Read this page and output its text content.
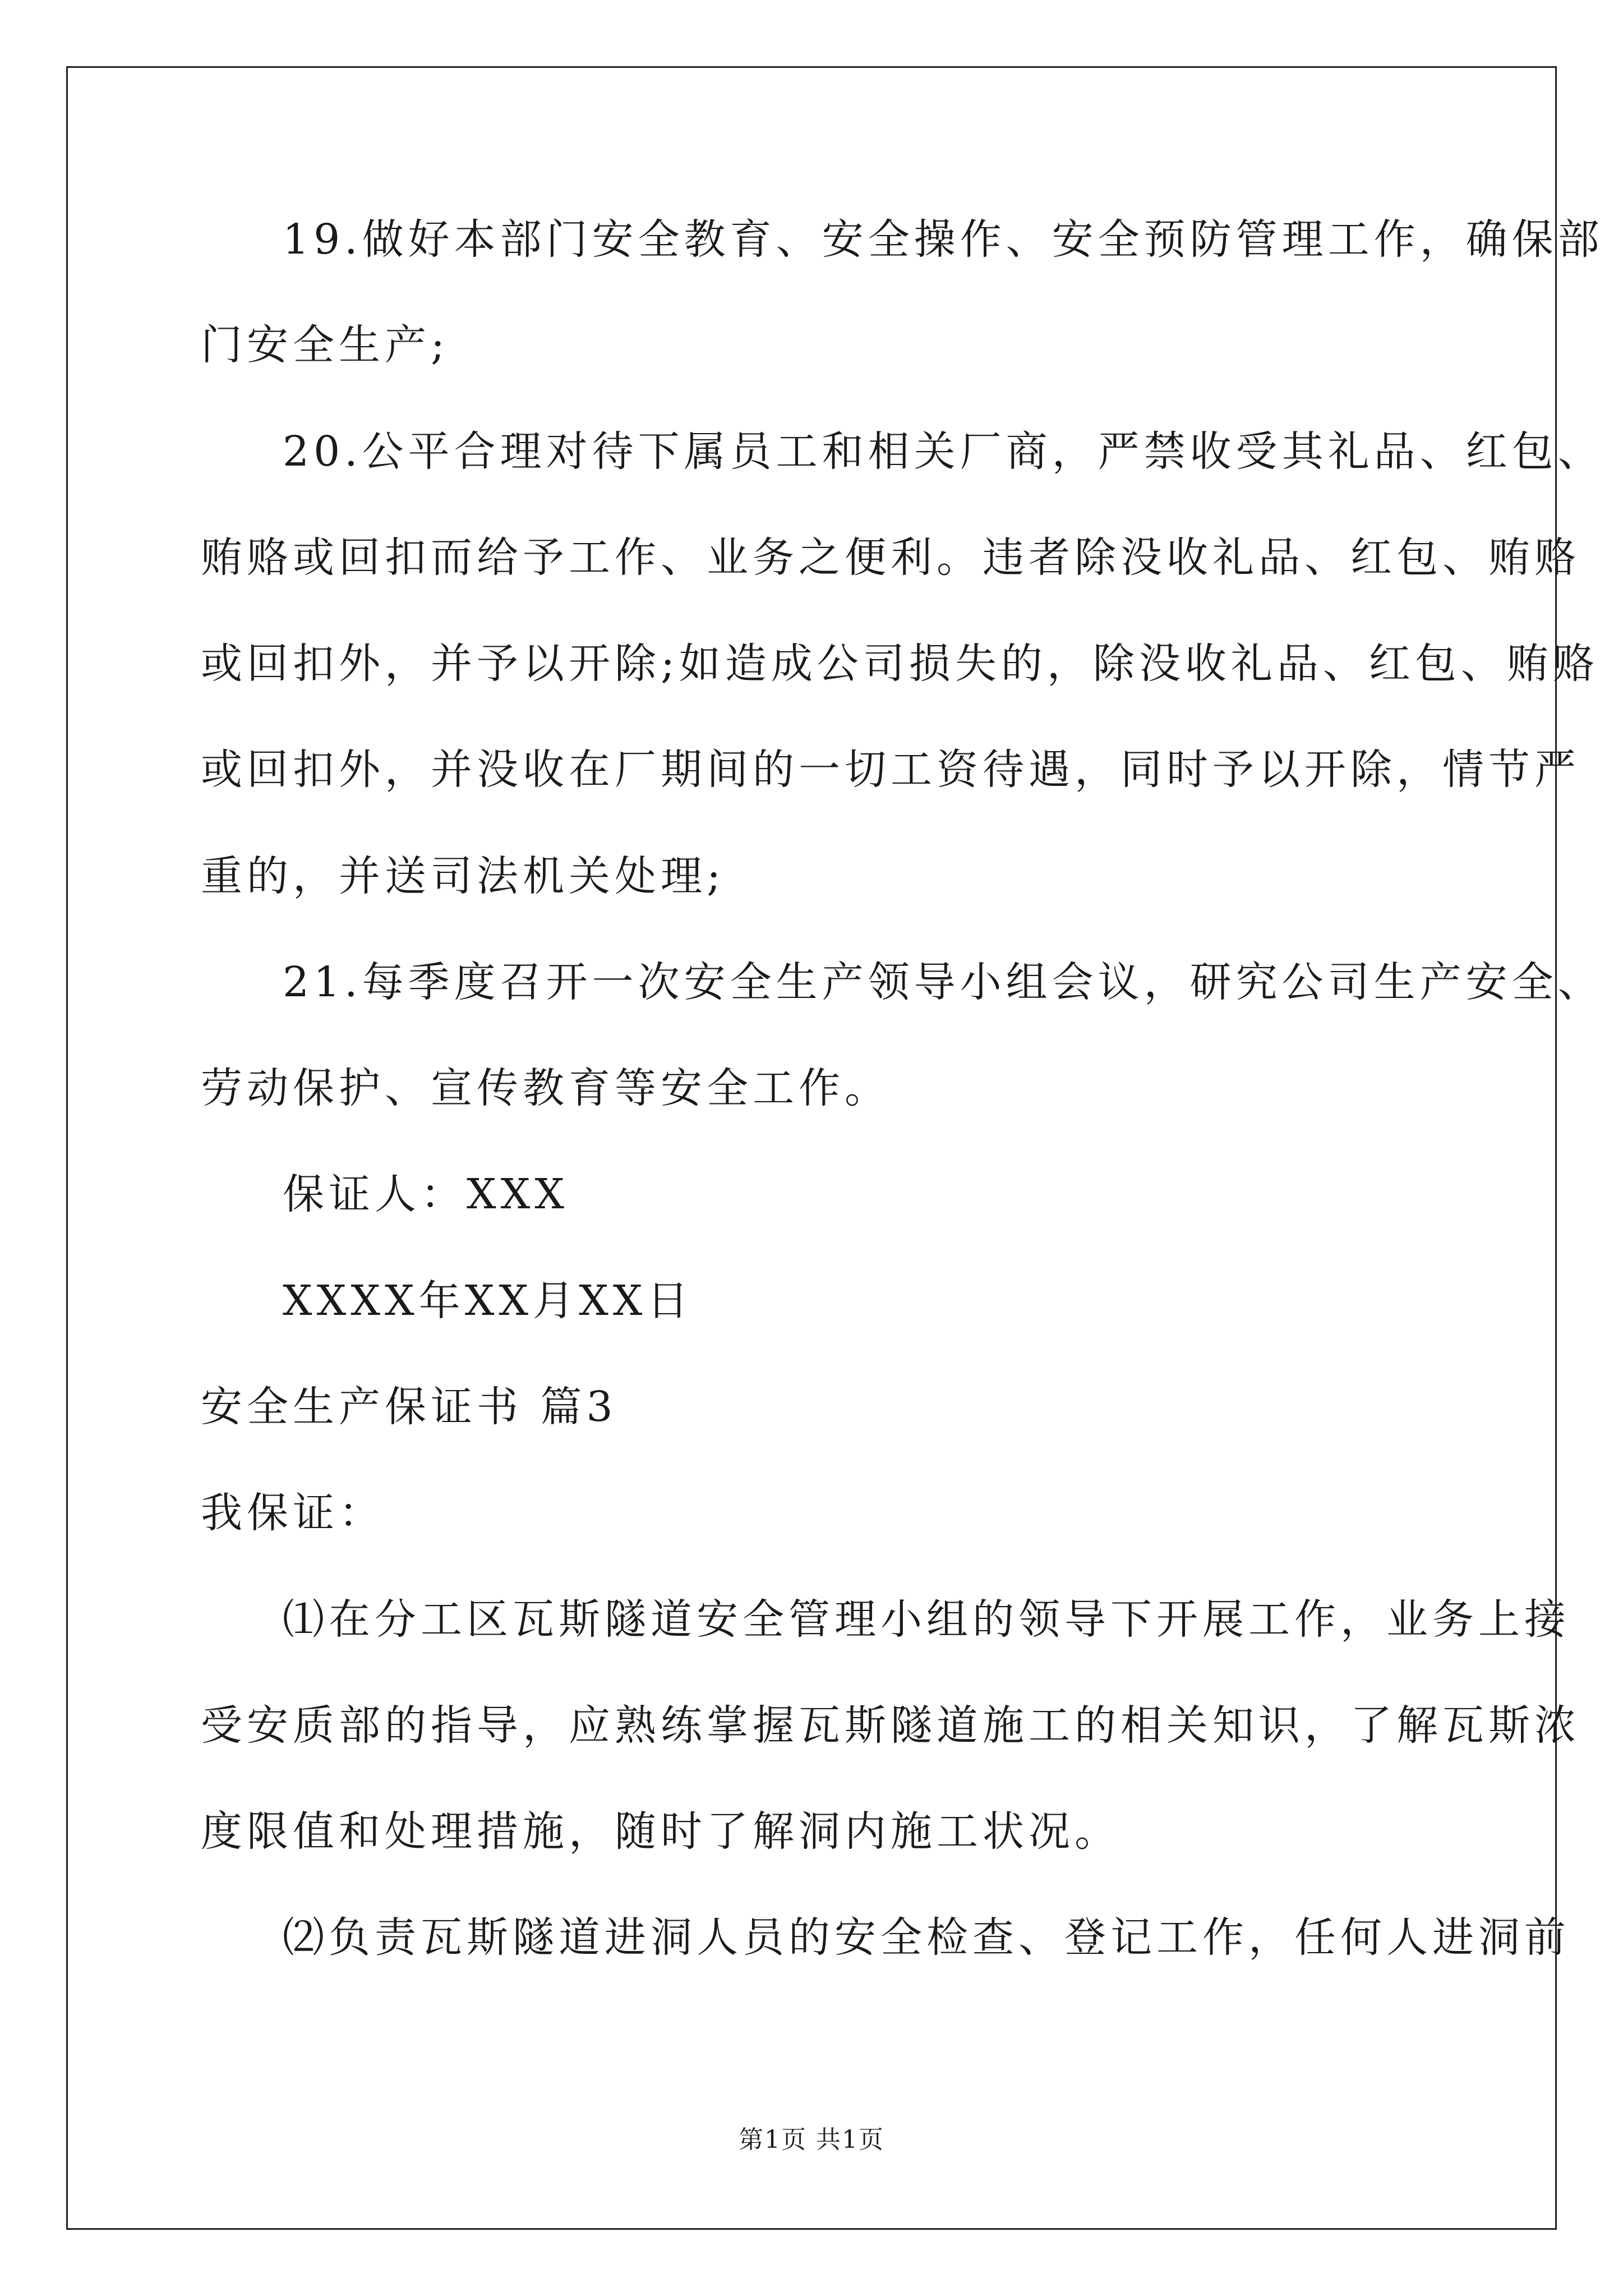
19.做好本部门安全教育、安全操作、安全预防管理工作，确保部

门安全生产;

20.公平合理对待下属员工和相关厂商，严禁收受其礼品、红包、

贿赂或回扣而给予工作、业务之便利。违者除没收礼品、红包、贿赂

或回扣外，并予以开除;如造成公司损失的，除没收礼品、红包、贿赂

或回扣外，并没收在厂期间的一切工资待遇，同时予以开除，情节严

重的，并送司法机关处理;

21.每季度召开一次安全生产领导小组会议，研究公司生产安全、

劳动保护、宣传教育等安全工作。

保证人：XXX

XXXX年XX月XX日

安全生产保证书 篇3

我保证：

⑴在分工区瓦斯隧道安全管理小组的领导下开展工作，业务上接

受安质部的指导，应熟练掌握瓦斯隧道施工的相关知识，了解瓦斯浓

度限值和处理措施，随时了解洞内施工状况。

⑵负责瓦斯隧道进洞人员的安全检查、登记工作，任何人进洞前

第1页 共1页
